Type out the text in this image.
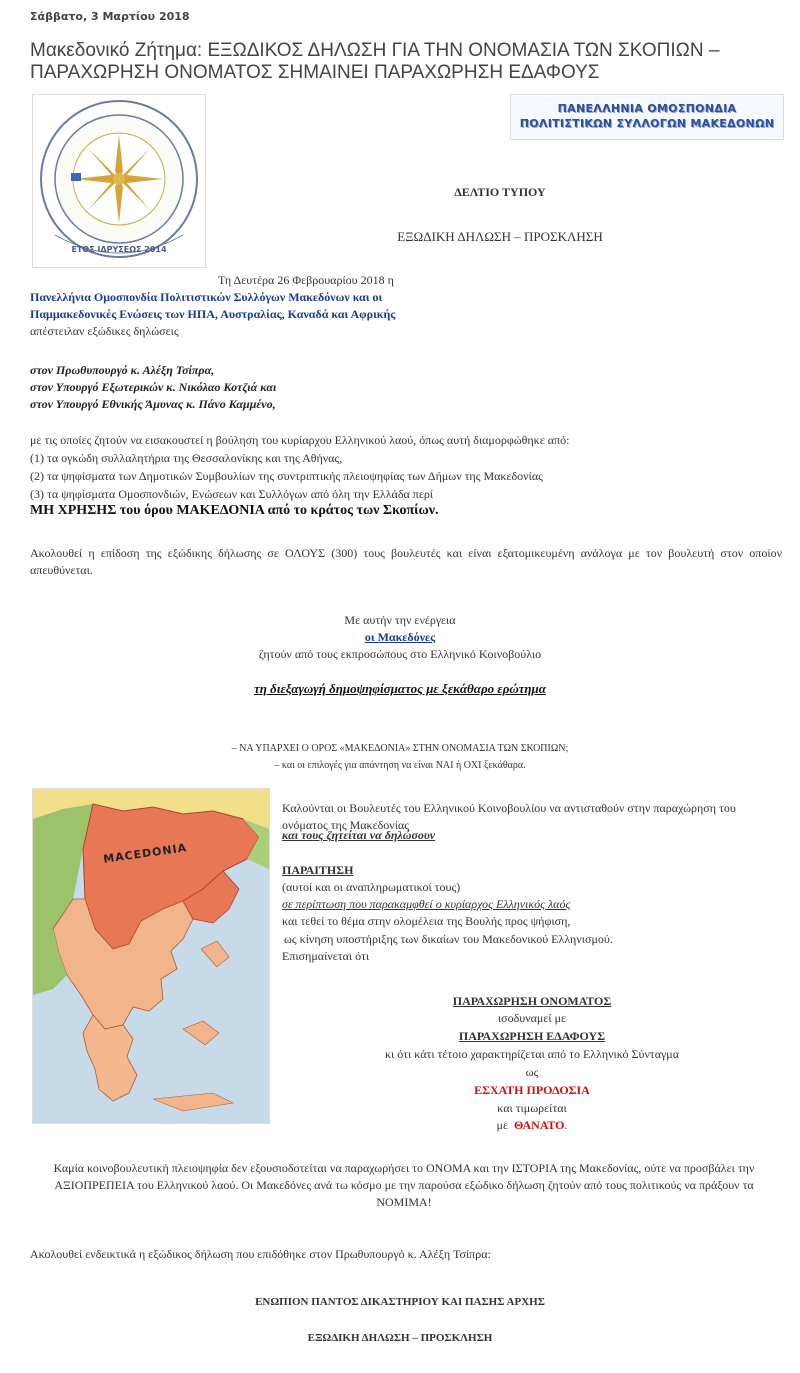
Σάββατο, 3 Μαρτίου 2018
Μακεδονικό Ζήτημα: ΕΞΩΔΙΚΟΣ ΔΗΛΩΣΗ ΓΙΑ ΤΗΝ ΟΝΟΜΑΣΙΑ ΤΩΝ ΣΚΟΠΙΩΝ – ΠΑΡΑΧΩΡΗΣΗ ΟΝΟΜΑΤΟΣ ΣΗΜΑΙΝΕΙ ΠΑΡΑΧΩΡΗΣΗ ΕΔΑΦΟΥΣ
ΕΤΟΣ ΙΔΡΥΣΕΩΣ 2014
ΠΑΝΕΛΛΗΝΙΑ ΟΜΟΣΠΟΝΔΙΑ
ΠΟΛΙΤΙΣΤΙΚΩΝ ΣΥΛΛΟΓΩΝ ΜΑΚΕΔΟΝΩΝ
ΔΕΛΤΙΟ ΤΥΠΟΥ
ΕΞΩΔΙΚΗ ΔΗΛΩΣΗ – ΠΡΟΣΚΛΗΣΗ
Τη Δευτέρα 26 Φεβρουαρίου 2018 η
Πανελλήνια Ομοσπονδία Πολιτιστικών Συλλόγων Μακεδόνων και οι
Παμμακεδονικές Ενώσεις των ΗΠΑ, Αυστραλίας, Καναδά και Αφρικής
απέστειλαν εξώδικες δηλώσεις
στον Πρωθυπουργό κ. Αλέξη Τσίπρα,
στον Υπουργό Εξωτερικών κ. Νικόλαο Κοτζιά και
στον Υπουργό Εθνικής Άμυνας κ. Πάνο Καμμένο,
με τις οποίες ζητούν να εισακουστεί η βούληση του κυρίαρχου Ελληνικού λαού, όπως αυτή διαμορφώθηκε από:
(1) τα ογκώδη συλλαλητήρια της Θεσσαλονίκης και της Αθήνας,
(2) τα ψηφίσματα των Δημοτικών Συμβουλίων της συντριπτικής πλειοψηφίας των Δήμων της Μακεδονίας
(3) τα ψηφίσματα Ομοσπονδιών, Ενώσεων και Συλλόγων από όλη την Ελλάδα περί
ΜΗ ΧΡΗΣΗΣ του όρου ΜΑΚΕΔΟΝΙΑ από το κράτος των Σκοπίων.
Ακολουθεί η επίδοση της εξώδικης δήλωσης σε ΟΛΟΥΣ (300) τους βουλευτές και είναι εξατομικευμένη ανάλογα με τον βουλευτή στον οποίον απευθύνεται.
Με αυτήν την ενέργεια
οι Μακεδόνες
ζητούν από τους εκπροσώπους στο Ελληνικό Κοινοβούλιο
τη διεξαγωγή δημοψηφίσματος με ξεκάθαρο ερώτημα
– ΝΑ ΥΠΑΡΧΕΙ Ο ΟΡΟΣ «ΜΑΚΕΔΟΝΙΑ» ΣΤΗΝ ΟΝΟΜΑΣΙΑ ΤΩΝ ΣΚΟΠΙΩΝ;
– και οι επιλογές για απάντηση να είναι ΝΑΙ ή ΟΧΙ ξεκάθαρα.
MACEDONIA
Καλούνται οι Βουλευτές του Ελληνικού Κοινοβουλίου να αντισταθούν στην παραχώρηση του ονόματος της Μακεδονίας
και τους ζητείται να δηλώσουν
ΠΑΡΑΙΤΗΣΗ
(αυτοί και οι αναπληρωματικοί τους)
σε περίπτωση που παρακαμφθεί ο κυρίαρχος Ελληνικός λαός
και τεθεί το θέμα στην ολομέλεια της Βουλής προς ψήφιση,
ως κίνηση υποστήριξης των δικαίων του Μακεδονικού Ελληνισμού.
Επισημαίνεται ότι
ΠΑΡΑΧΩΡΗΣΗ ΟΝΟΜΑΤΟΣ
ισοδυναμεί με
ΠΑΡΑΧΩΡΗΣΗ ΕΔΑΦΟΥΣ
κι ότι κάτι τέτοιο χαρακτηρίζεται από το Ελληνικό Σύνταγμα
ως
ΕΣΧΑΤΗ ΠΡΟΔΟΣΙΑ
και τιμωρείται
με ΘΑΝΑΤΟ.
Καμία κοινοβουλευτική πλειοψηφία δεν εξουσιοδοτείται να παραχωρήσει το ΟΝΟΜΑ και την ΙΣΤΟΡΙΑ της Μακεδονίας, ούτε να προσβάλει την ΑΞΙΟΠΡΕΠΕΙΑ του Ελληνικού λαού. Οι Μακεδόνες ανά τω κόσμο με την παρούσα εξώδικο δήλωση ζητούν από τους πολιτικούς να πράξουν τα ΝΟΜΙΜΑ!
Ακολουθεί ενδεικτικά η εξώδικος δήλωση που επιδόθηκε στον Πρωθυπουργό κ. Αλέξη Τσίπρα:
ΕΝΩΠΙΟΝ ΠΑΝΤΟΣ ΔΙΚΑΣΤΗΡΙΟΥ ΚΑΙ ΠΑΣΗΣ ΑΡΧΗΣ
ΕΞΩΔΙΚΗ ΔΗΛΩΣΗ – ΠΡΟΣΚΛΗΣΗ
